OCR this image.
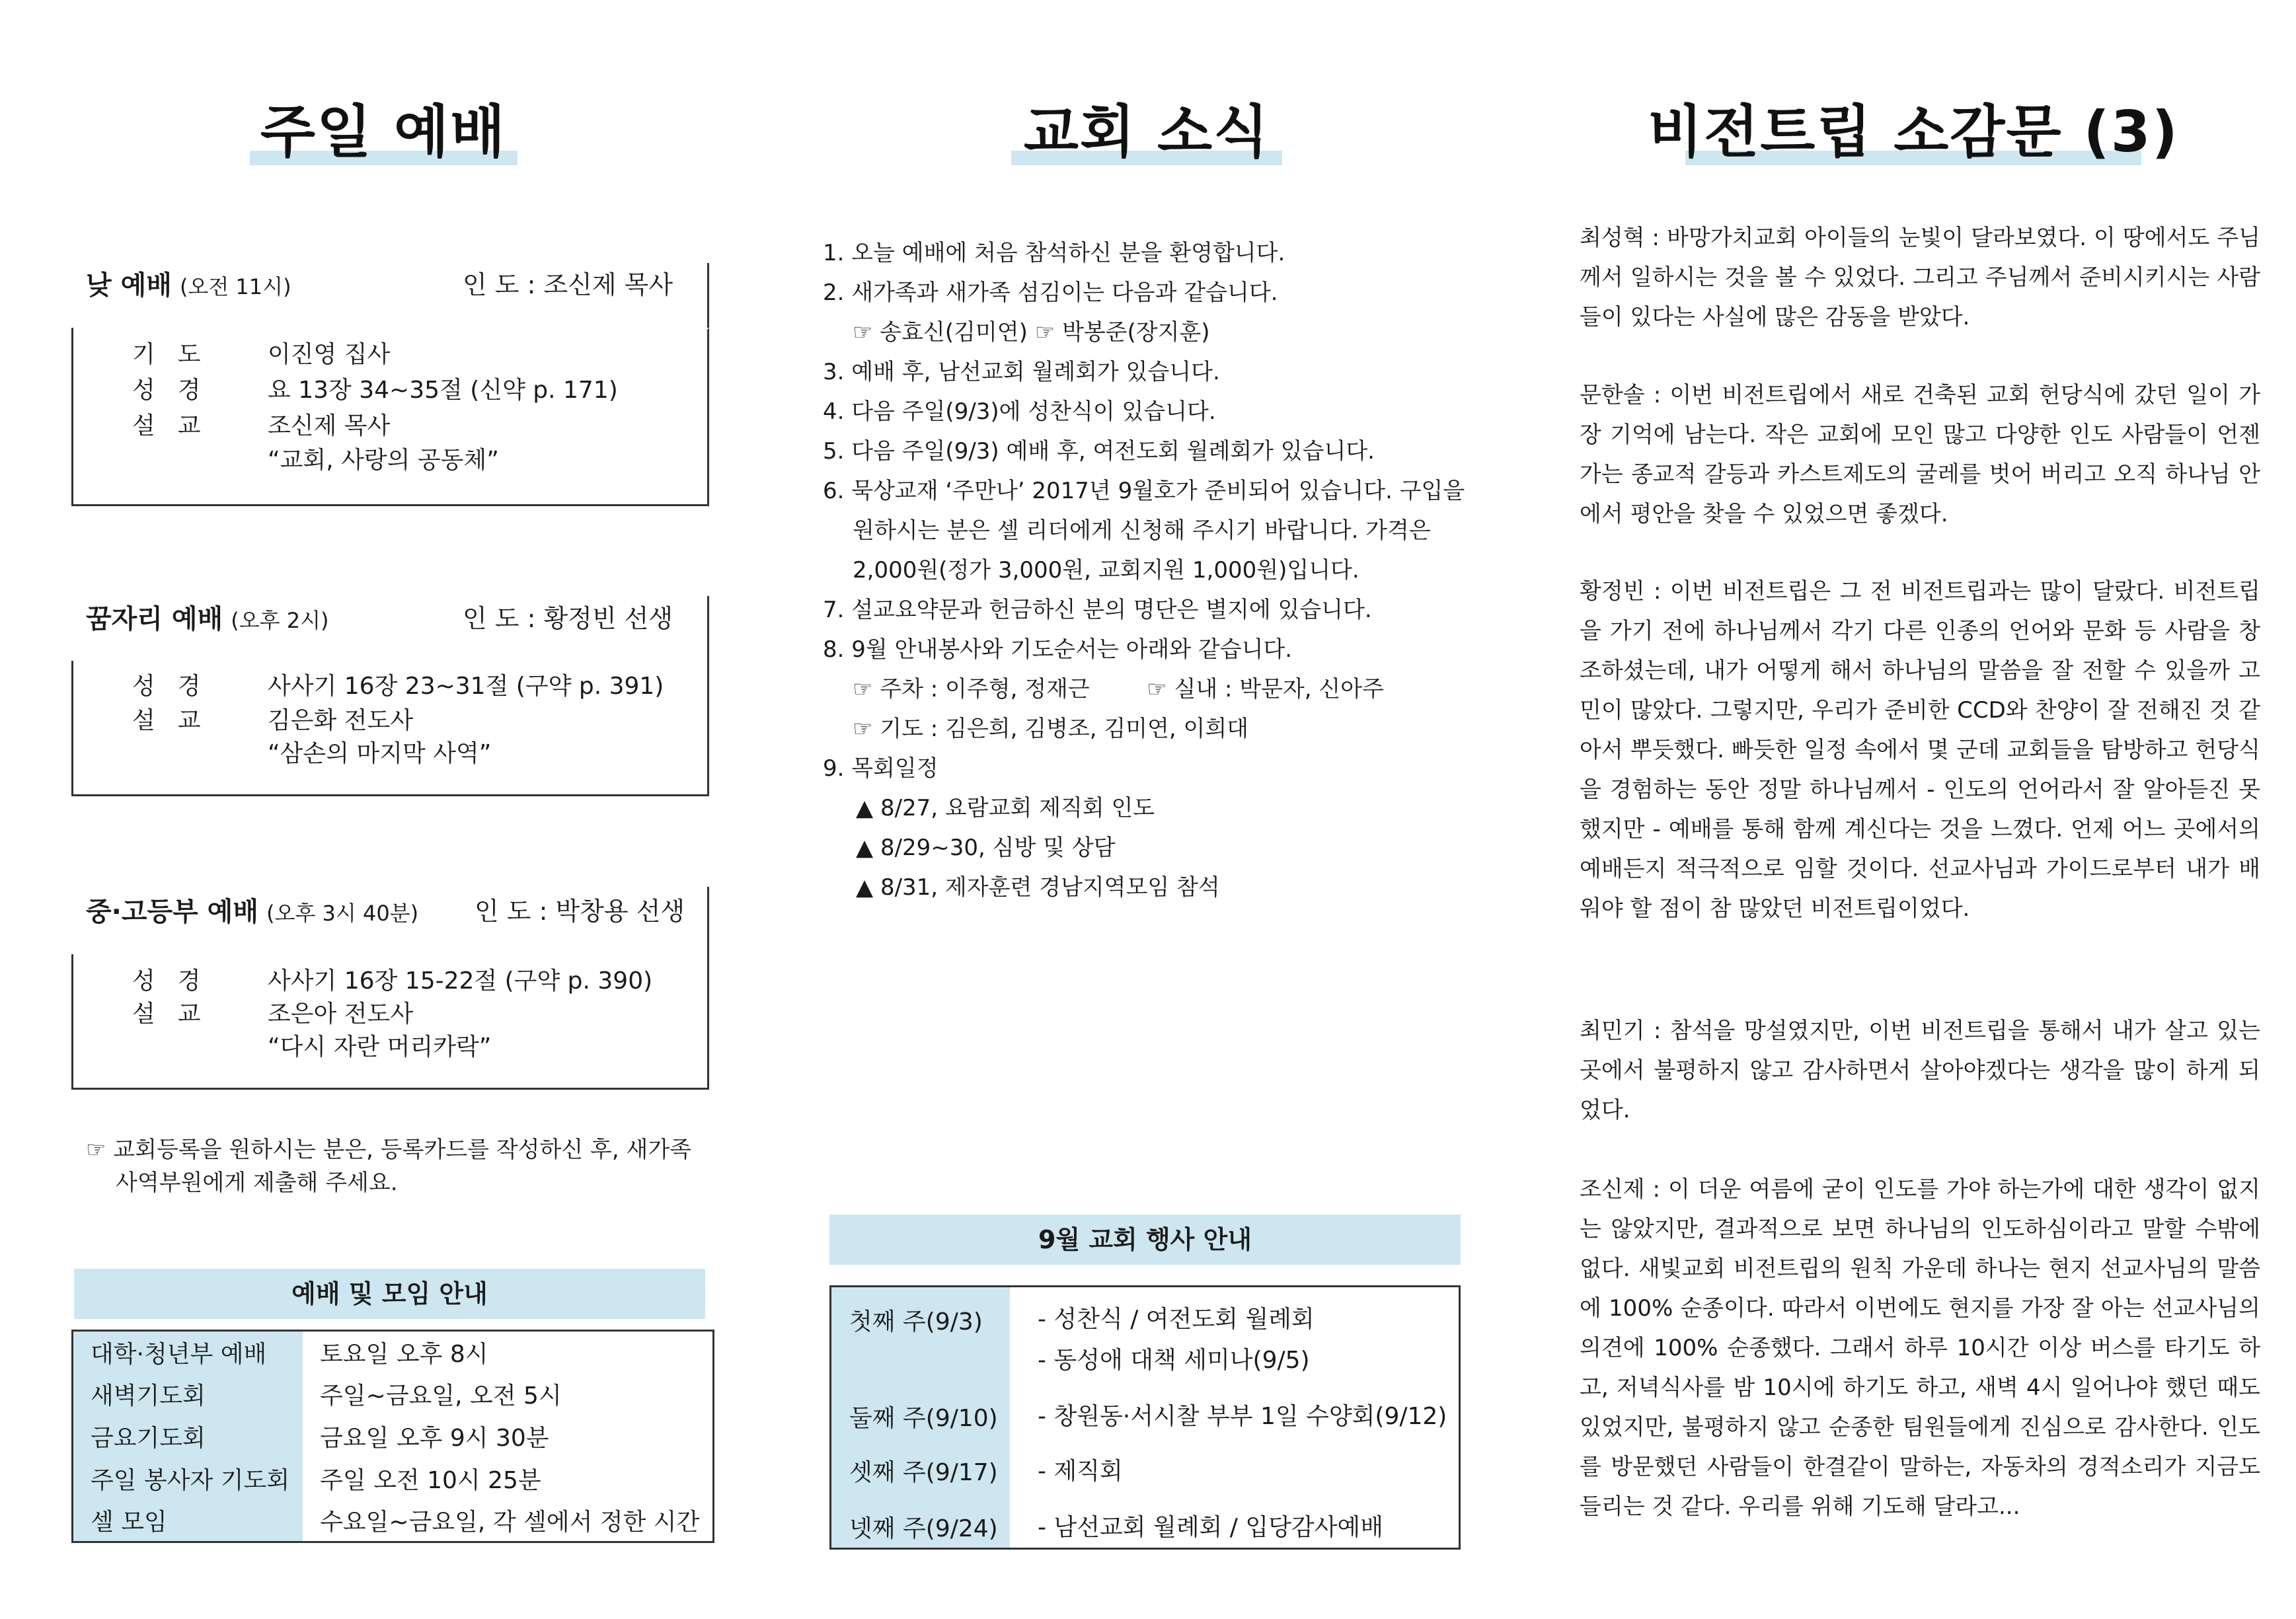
주일 예배
낮 예배 (오전 11시)	인 도 : 조신제 목사
기도 이진영 집사
성경 요 13장 34~35절 (신약 p. 171)
설교 조신제 목사
“교회, 사랑의 공동체”
꿈자리 예배 (오후 2시)	인 도 : 황정빈 선생
성경 사사기 16장 23~31절 (구약 p. 391)
설교 김은화 전도사
“삼손의 마지막 사역”
중·고등부 예배 (오후 3시 40분) 인 도 : 박창용 선생
성경 사사기 16장 15-22절 (구약 p. 390)
설교 조은아 전도사
“다시 자란 머리카락”
☞ 교회등록을 원하시는 분은, 등록카드를 작성하신 후, 새가족
사역부원에게 제출해 주세요.
예배 및 모임 안내
대학·청년부 예배	토요일 오후 8시
새벽기도회	주일~금요일, 오전 5시
금요기도회	금요일 오후 9시 30분
주일 봉사자 기도회	주일 오전 10시 25분
셀 모임	수요일~금요일, 각 셀에서 정한 시간
교회 소식
1. 오늘 예배에 처음 참석하신 분을 환영합니다.
2. 새가족과 새가족 섬김이는 다음과 같습니다.
☞ 송효신(김미연) ☞ 박봉준(장지훈)
3. 예배 후, 남선교회 월례회가 있습니다.
4. 다음 주일(9/3)에 성찬식이 있습니다.
5. 다음 주일(9/3) 예배 후, 여전도회 월례회가 있습니다.
6. 묵상교재 ‘주만나’ 2017년 9월호가 준비되어 있습니다. 구입을
원하시는 분은 셀 리더에게 신청해 주시기 바랍니다. 가격은
2,000원(정가 3,000원, 교회지원 1,000원)입니다.
7. 설교요약문과 헌금하신 분의 명단은 별지에 있습니다.
8. 9월 안내봉사와 기도순서는 아래와 같습니다.
☞ 주차 : 이주형, 정재근        ☞ 실내 : 박문자, 신아주
☞ 기도 : 김은희, 김병조, 김미연, 이희대
9. 목회일정
▲ 8/27, 요람교회 제직회 인도
▲ 8/29~30, 심방 및 상담
▲ 8/31, 제자훈련 경남지역모임 참석
9월 교회 행사 안내
첫째 주(9/3) - 성찬식 / 여전도회 월례회
- 동성애 대책 세미나(9/5)
둘째 주(9/10) - 창원동·서시찰 부부 1일 수양회(9/12)
셋째 주(9/17) - 제직회
넷째 주(9/24) - 남선교회 월례회 / 입당감사예배
비전트립 소감문 (3)
최성혁 : 바망가치교회 아이들의 눈빛이 달라보였다. 이 땅에서도 주님께서 일하시는 것을 볼 수 있었다. 그리고 주님께서 준비시키시는 사람들이 있다는 사실에 많은 감동을 받았다.
문한솔 : 이번 비전트립에서 새로 건축된 교회 헌당식에 갔던 일이 가장 기억에 남는다. 작은 교회에 모인 많고 다양한 인도 사람들이 언젠가는 종교적 갈등과 카스트제도의 굴레를 벗어 버리고 오직 하나님 안에서 평안을 찾을 수 있었으면 좋겠다.
황정빈 : 이번 비전트립은 그 전 비전트립과는 많이 달랐다. 비전트립을 가기 전에 하나님께서 각기 다른 인종의 언어와 문화 등 사람을 창조하셨는데, 내가 어떻게 해서 하나님의 말씀을 잘 전할 수 있을까 고민이 많았다. 그렇지만, 우리가 준비한 CCD와 찬양이 잘 전해진 것 같아서 뿌듯했다. 빠듯한 일정 속에서 몇 군데 교회들을 탐방하고 헌당식을 경험하는 동안 정말 하나님께서 - 인도의 언어라서 잘 알아듣진 못했지만 - 예배를 통해 함께 계신다는 것을 느꼈다. 언제 어느 곳에서의 예배든지 적극적으로 임할 것이다. 선교사님과 가이드로부터 내가 배워야 할 점이 참 많았던 비전트립이었다.
최민기 : 참석을 망설였지만, 이번 비전트립을 통해서 내가 살고 있는 곳에서 불평하지 않고 감사하면서 살아야겠다는 생각을 많이 하게 되었다.
조신제 : 이 더운 여름에 굳이 인도를 가야 하는가에 대한 생각이 없지는 않았지만, 결과적으로 보면 하나님의 인도하심이라고 말할 수밖에 없다. 새빛교회 비전트립의 원칙 가운데 하나는 현지 선교사님의 말씀에 100% 순종이다. 따라서 이번에도 현지를 가장 잘 아는 선교사님의 의견에 100% 순종했다. 그래서 하루 10시간 이상 버스를 타기도 하고, 저녁식사를 밤 10시에 하기도 하고, 새벽 4시 일어나야 했던 때도 있었지만, 불평하지 않고 순종한 팀원들에게 진심으로 감사한다. 인도를 방문했던 사람들이 한결같이 말하는, 자동차의 경적소리가 지금도 들리는 것 같다. 우리를 위해 기도해 달라고...
